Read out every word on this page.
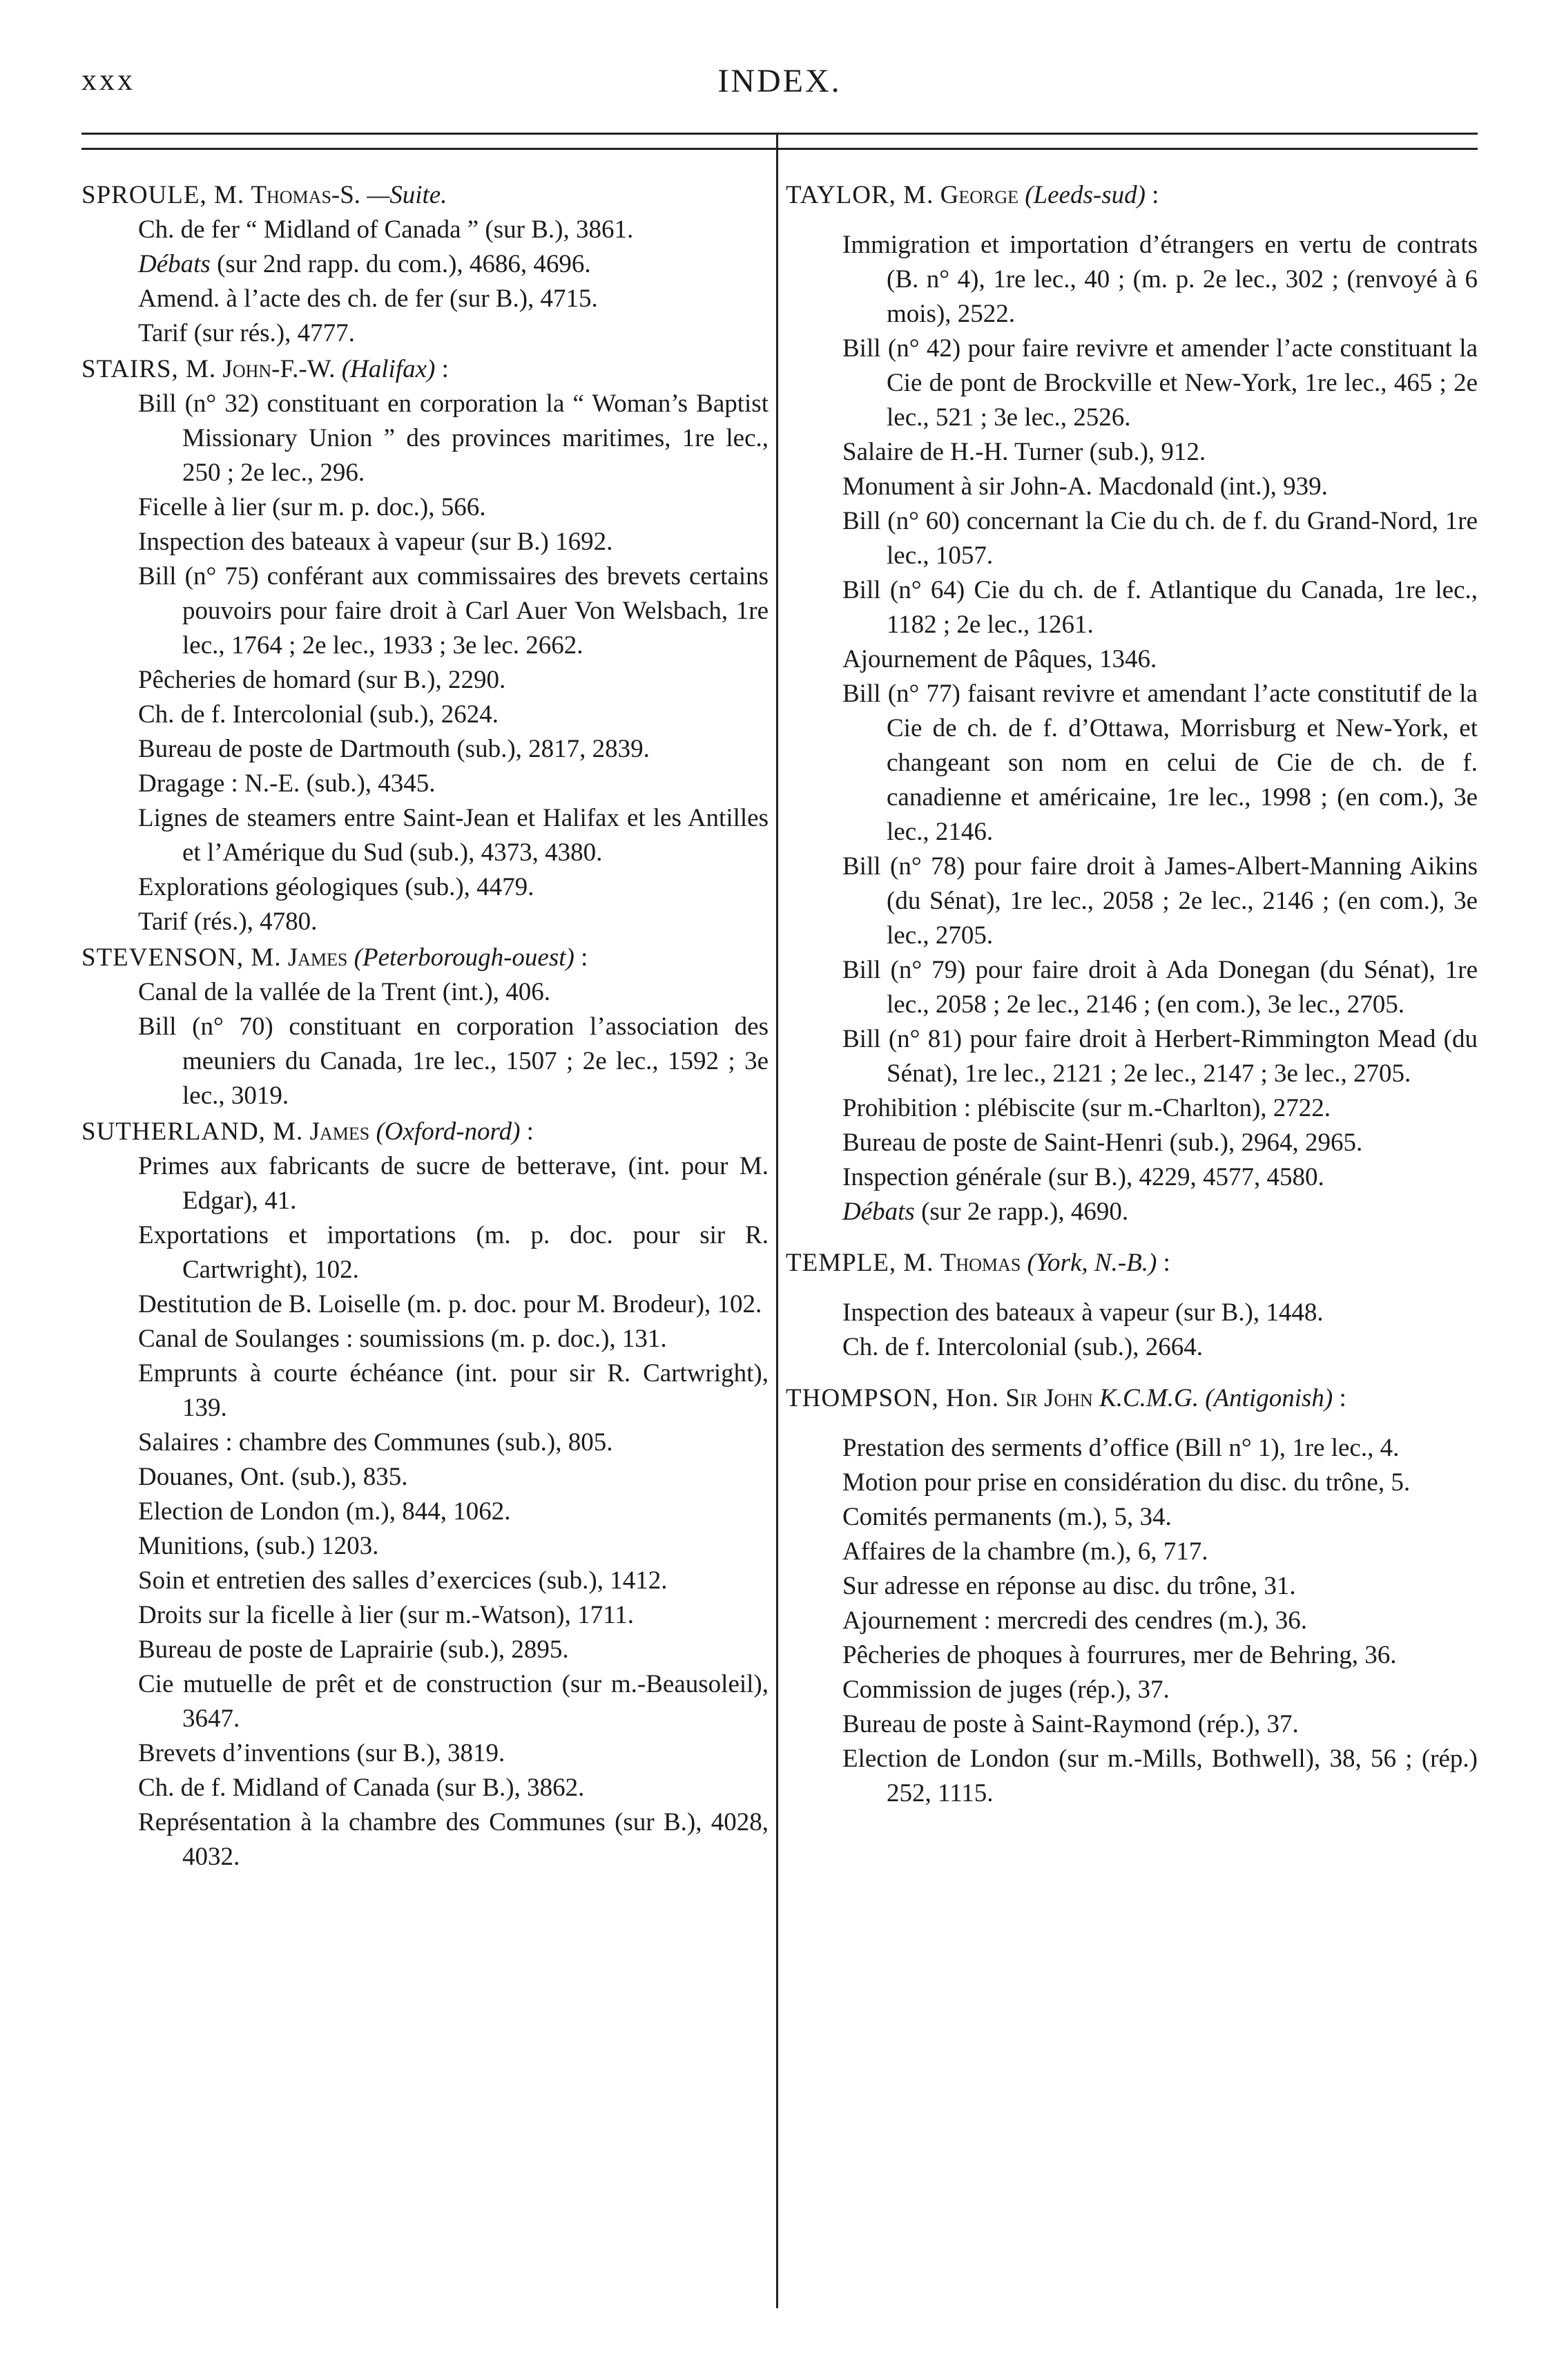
xxx	INDEX.
SPROULE, M. Thomas-S. —Suite.
Ch. de fer “ Midland of Canada ” (sur B.), 3861.
Débats (sur 2nd rapp. du com.), 4686, 4696.
Amend. à l’acte des ch. de fer (sur B.), 4715.
Tarif (sur rés.), 4777.
STAIRS, M. John-F.-W. (Halifax) :
Bill (n° 32) constituant en corporation la “ Woman’s Baptist Missionary Union ” des provinces maritimes, 1re lec., 250 ; 2e lec., 296.
Ficelle à lier (sur m. p. doc.), 566.
Inspection des bateaux à vapeur (sur B.) 1692.
Bill (n° 75) conférant aux commissaires des brevets certains pouvoirs pour faire droit à Carl Auer Von Welsbach, 1re lec., 1764 ; 2e lec., 1933 ; 3e lec. 2662.
Pêcheries de homard (sur B.), 2290.
Ch. de f. Intercolonial (sub.), 2624.
Bureau de poste de Dartmouth (sub.), 2817, 2839.
Dragage : N.-E. (sub.), 4345.
Lignes de steamers entre Saint-Jean et Halifax et les Antilles et l’Amérique du Sud (sub.), 4373, 4380.
Explorations géologiques (sub.), 4479.
Tarif (rés.), 4780.
STEVENSON, M. James (Peterborough-ouest) :
Canal de la vallée de la Trent (int.), 406.
Bill (n° 70) constituant en corporation l’association des meuniers du Canada, 1re lec., 1507 ; 2e lec., 1592 ; 3e lec., 3019.
SUTHERLAND, M. James (Oxford-nord) :
Primes aux fabricants de sucre de betterave, (int. pour M. Edgar), 41.
Exportations et importations (m. p. doc. pour sir R. Cartwright), 102.
Destitution de B. Loiselle (m. p. doc. pour M. Brodeur), 102.
Canal de Soulanges : soumissions (m. p. doc.), 131.
Emprunts à courte échéance (int. pour sir R. Cartwright), 139.
Salaires : chambre des Communes (sub.), 805.
Douanes, Ont. (sub.), 835.
Election de London (m.), 844, 1062.
Munitions, (sub.) 1203.
Soin et entretien des salles d’exercices (sub.), 1412.
Droits sur la ficelle à lier (sur m.-Watson), 1711.
Bureau de poste de Laprairie (sub.), 2895.
Cie mutuelle de prêt et de construction (sur m.-Beausoleil), 3647.
Brevets d’inventions (sur B.), 3819.
Ch. de f. Midland of Canada (sur B.), 3862.
Représentation à la chambre des Communes (sur B.), 4028, 4032.
TAYLOR, M. George (Leeds-sud) :
Immigration et importation d’étrangers en vertu de contrats (B. n° 4), 1re lec., 40 ; (m. p. 2e lec., 302 ; (renvoyé à 6 mois), 2522.
Bill (n° 42) pour faire revivre et amender l’acte constituant la Cie de pont de Brockville et New-York, 1re lec., 465 ; 2e lec., 521 ; 3e lec., 2526.
Salaire de H.-H. Turner (sub.), 912.
Monument à sir John-A. Macdonald (int.), 939.
Bill (n° 60) concernant la Cie du ch. de f. du Grand-Nord, 1re lec., 1057.
Bill (n° 64) Cie du ch. de f. Atlantique du Canada, 1re lec., 1182 ; 2e lec., 1261.
Ajournement de Pâques, 1346.
Bill (n° 77) faisant revivre et amendant l’acte constitutif de la Cie de ch. de f. d’Ottawa, Morrisburg et New-York, et changeant son nom en celui de Cie de ch. de f. canadienne et américaine, 1re lec., 1998 ; (en com.), 3e lec., 2146.
Bill (n° 78) pour faire droit à James-Albert-Manning Aikins (du Sénat), 1re lec., 2058 ; 2e lec., 2146 ; (en com.), 3e lec., 2705.
Bill (n° 79) pour faire droit à Ada Donegan (du Sénat), 1re lec., 2058 ; 2e lec., 2146 ; (en com.), 3e lec., 2705.
Bill (n° 81) pour faire droit à Herbert-Rimmington Mead (du Sénat), 1re lec., 2121 ; 2e lec., 2147 ; 3e lec., 2705.
Prohibition : plébiscite (sur m.-Charlton), 2722.
Bureau de poste de Saint-Henri (sub.), 2964, 2965.
Inspection générale (sur B.), 4229, 4577, 4580.
Débats (sur 2e rapp.), 4690.
TEMPLE, M. Thomas (York, N.-B.) :
Inspection des bateaux à vapeur (sur B.), 1448.
Ch. de f. Intercolonial (sub.), 2664.
THOMPSON, Hon. Sir John K.C.M.G. (Antigonish) :
Prestation des serments d’office (Bill n° 1), 1re lec., 4.
Motion pour prise en considération du disc. du trône, 5.
Comités permanents (m.), 5, 34.
Affaires de la chambre (m.), 6, 717.
Sur adresse en réponse au disc. du trône, 31.
Ajournement : mercredi des cendres (m.), 36.
Pêcheries de phoques à fourrures, mer de Behring, 36.
Commission de juges (rép.), 37.
Bureau de poste à Saint-Raymond (rép.), 37.
Election de London (sur m.-Mills, Bothwell), 38, 56 ; (rép.) 252, 1115.
